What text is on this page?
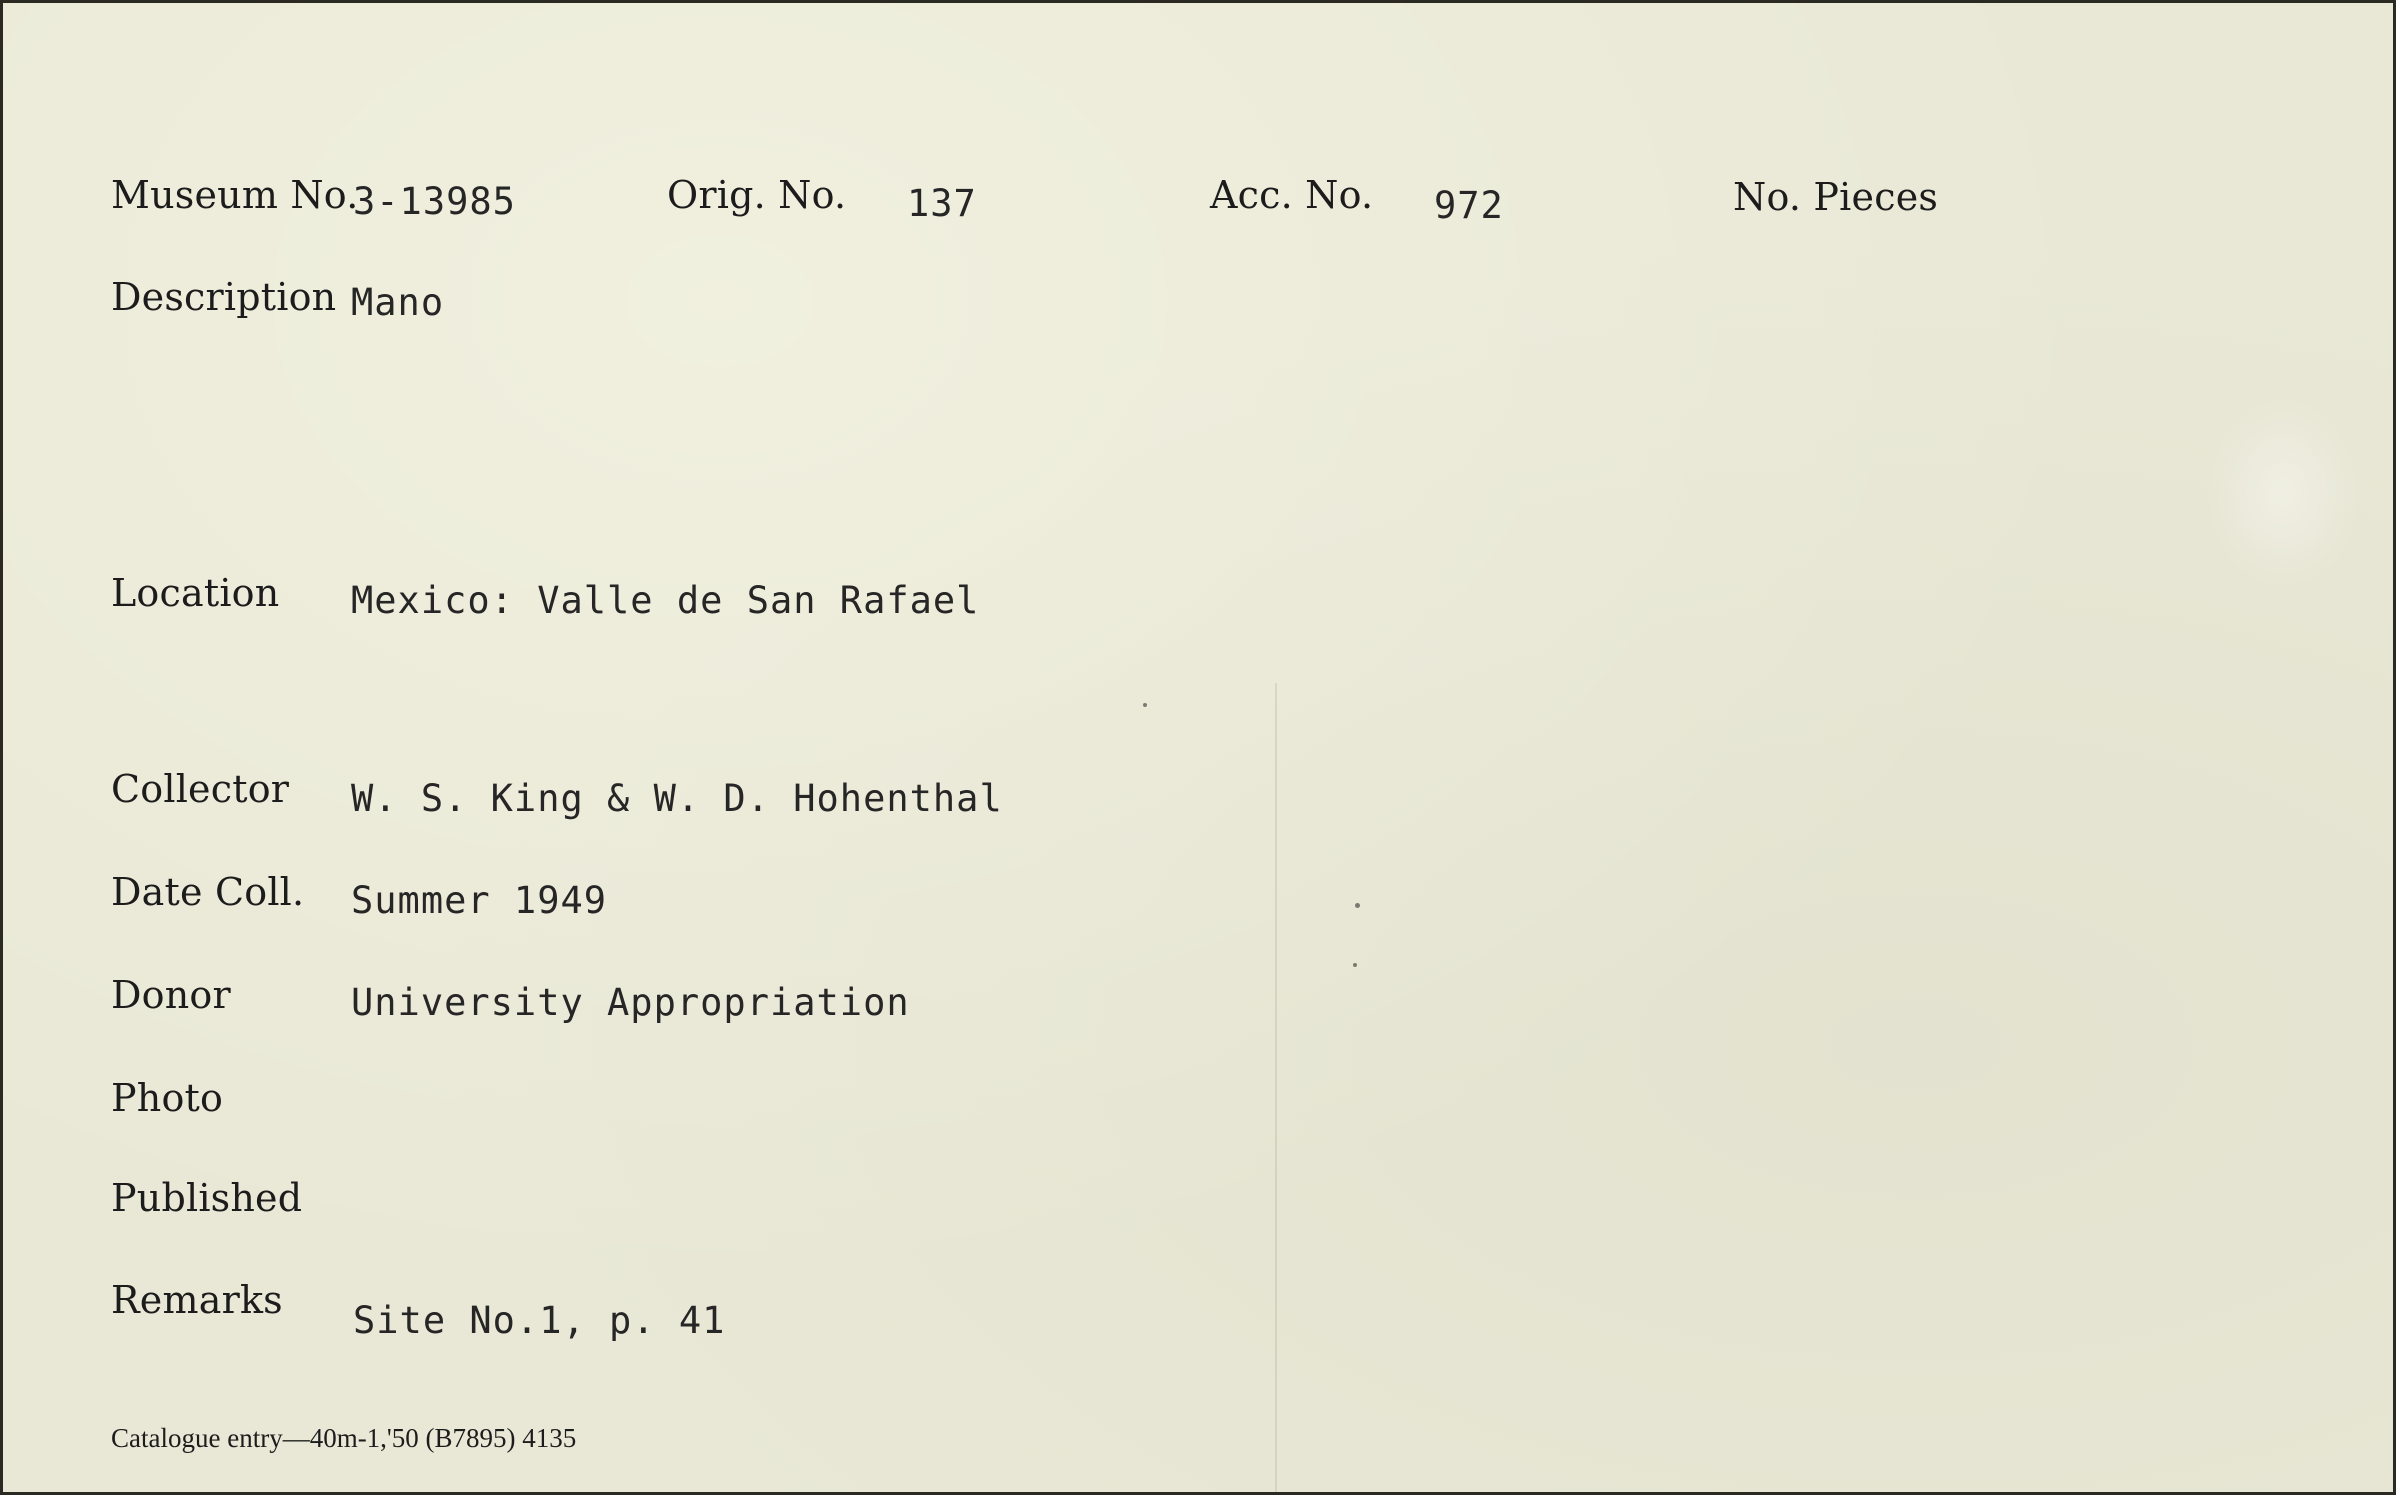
Museum No.
3-13985	Orig. No. 137	Acc. No. 972	No. Pieces
Description Mano
Location Mexico: Valle de San Rafael
Collector W. S. King & W. D. Hohenthal
Date Coll. Summer 1949
Donor	University Appropriation
Photo
Published
Remarks Site No.1, p. 41
Catalogue entry—40m-1,'50 (B7895) 4135
